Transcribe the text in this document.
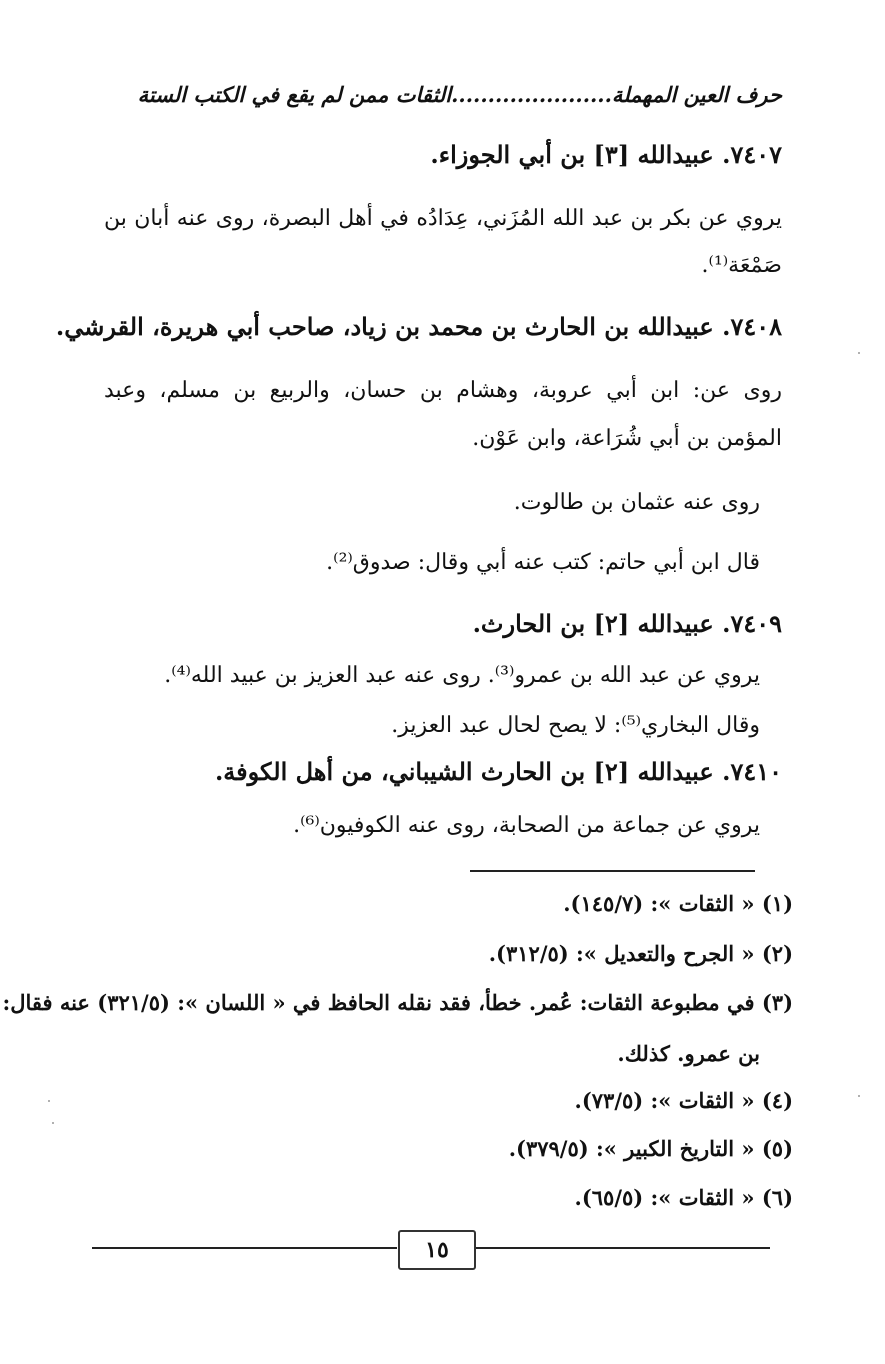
حرف العين المهملة......................الثقات ممن لم يقع في الكتب الستة
٧٤٠٧. عبيدالله [٣] بن أبي الجوزاء.
يروي عن بكر بن عبد الله المُزَني، عِدَادُه في أهل البصرة، روى عنه أبان بن
صَمْعَة⁽¹⁾.
٧٤٠٨. عبيدالله بن الحارث بن محمد بن زياد، صاحب أبي هريرة، القرشي.
روى عن: ابن أبي عروبة، وهشام بن حسان، والربيع بن مسلم، وعبد
المؤمن بن أبي شُرَاعة، وابن عَوْن.
روى عنه عثمان بن طالوت.
قال ابن أبي حاتم: كتب عنه أبي وقال: صدوق⁽²⁾.
٧٤٠٩. عبيدالله [٢] بن الحارث.
يروي عن عبد الله بن عمرو⁽³⁾. روى عنه عبد العزيز بن عبيد الله⁽⁴⁾.
وقال البخاري⁽⁵⁾: لا يصح لحال عبد العزيز.
٧٤١٠. عبيدالله [٢] بن الحارث الشيباني، من أهل الكوفة.
يروي عن جماعة من الصحابة، روى عنه الكوفيون⁽⁶⁾.
(١) « الثقات »: (١٤٥/٧).
(٢) « الجرح والتعديل »: (٣١٢/٥).
(٣) في مطبوعة الثقات: عُمر. خطأ، فقد نقله الحافظ في « اللسان »: (٣٢١/٥) عنه فقال:
بن عمرو. كذلك.
(٤) « الثقات »: (٧٣/٥).
(٥) « التاريخ الكبير »: (٣٧٩/٥).
(٦) « الثقات »: (٦٥/٥).
١٥
